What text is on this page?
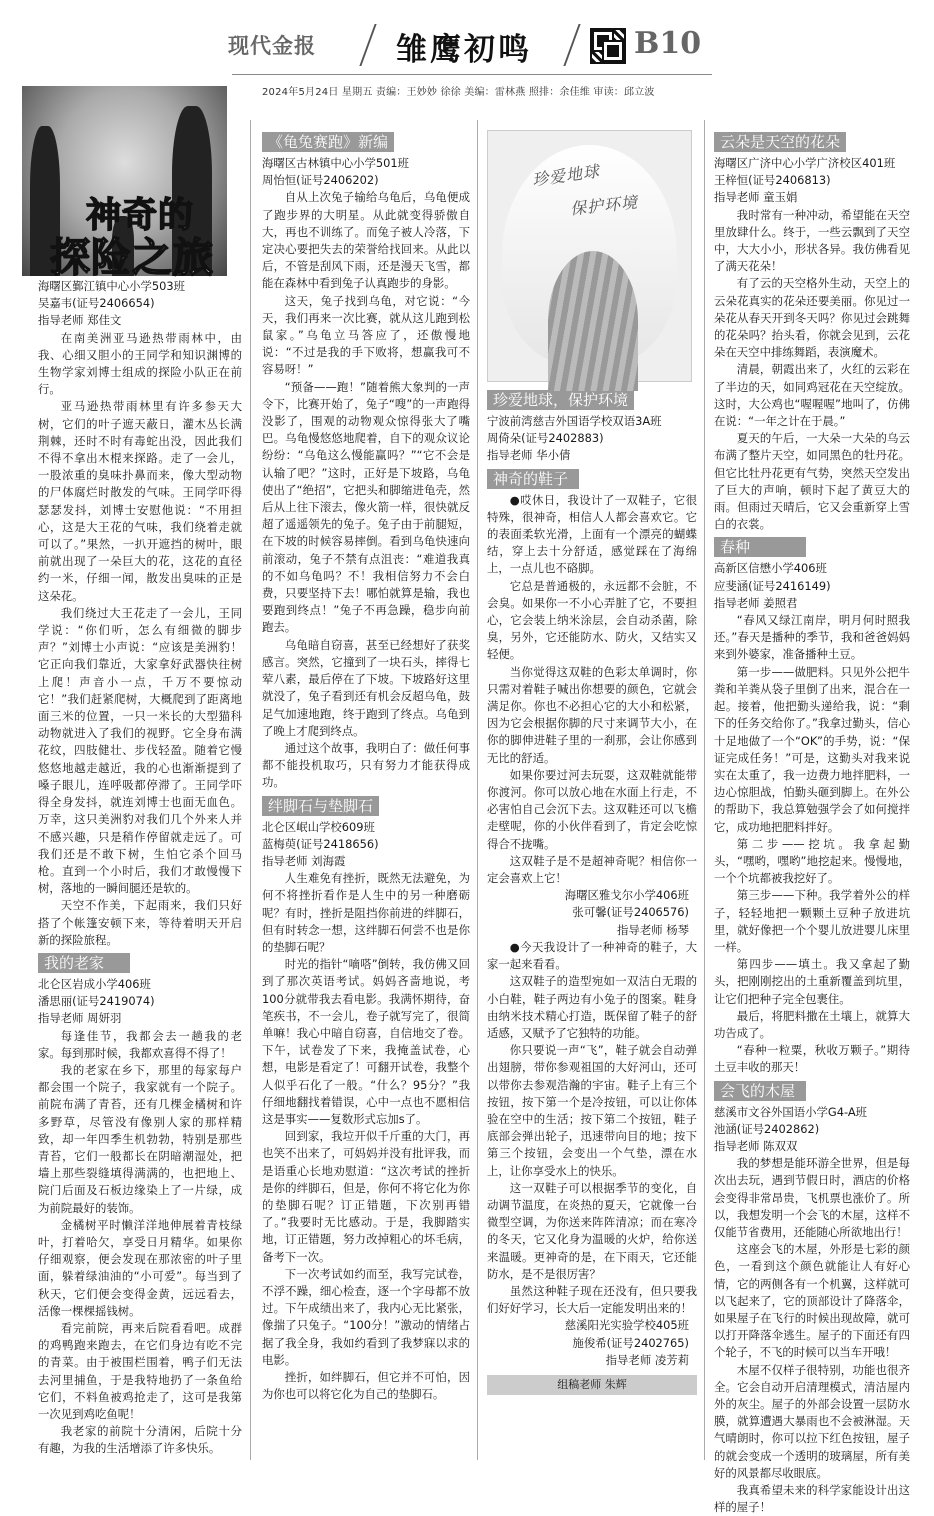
现代金报	雏鹰初鸣	B10
2024年5月24日 星期五 责编：王妙妙 徐徐 美编：雷林燕 照排：余佳维 审读：邱立波
神奇的
探险之旅

海曙区鄞江镇中心小学503班

吴嘉韦(证号2406654)

指导老师 郑佳文

在南美洲亚马逊热带雨林中，由我、心细又胆小的王同学和知识渊博的生物学家刘博士组成的探险小队正在前行。

亚马逊热带雨林里有许多参天大树，它们的叶子遮天蔽日，灌木丛长满荆棘，还时不时有毒蛇出没，因此我们不得不拿出木棍来探路。走了一会儿，一股浓重的臭味扑鼻而来，像大型动物的尸体腐烂时散发的气味。王同学吓得瑟瑟发抖，刘博士安慰他说：“不用担心，这是大王花的气味，我们绕着走就可以了。”果然，一扒开遮挡的树叶，眼前就出现了一朵巨大的花，这花的直径约一米，仔细一闻，散发出臭味的正是这朵花。

我们绕过大王花走了一会儿，王同学说：“你们听，怎么有细微的脚步声？”刘博士小声说：“应该是美洲豹！它正向我们靠近，大家拿好武器快往树上爬！声音小一点，千万不要惊动它！”我们赶紧爬树，大概爬到了距离地面三米的位置，一只一米长的大型猫科动物就进入了我们的视野。它全身布满花纹，四肢健壮、步伐轻盈。随着它慢悠悠地越走越近，我的心也渐渐提到了嗓子眼儿，连呼吸都停滞了。王同学吓得全身发抖，就连刘博士也面无血色。万幸，这只美洲豹对我们几个外来人并不感兴趣，只是稍作停留就走远了。可我们还是不敢下树，生怕它杀个回马枪。直到一个小时后，我们才敢慢慢下树，落地的一瞬间腿还是软的。

天空不作美，下起雨来，我们只好搭了个帐篷安顿下来，等待着明天开启新的探险旅程。

我的老家

北仑区岩成小学406班

潘思丽(证号2419074)

指导老师 周妍羽

每逢佳节，我都会去一趟我的老家。每到那时候，我都欢喜得不得了！

我的老家在乡下，那里的每家每户都会围一个院子，我家就有一个院子。前院布满了青苔，还有几棵金橘树和许多野草，尽管没有像别人家的那样精致，却一年四季生机勃勃，特别是那些青苔，它们一般都长在阴暗潮湿处，把墙上那些裂缝填得满满的，也把地上、院门后面及石板边缘染上了一片绿，成为前院最好的装饰。

金橘树平时懒洋洋地伸展着青枝绿叶，打着哈欠，享受日月精华。如果你仔细观察，便会发现在那浓密的叶子里面，躲着绿油油的“小可爱”。每当到了秋天，它们便会变得金黄，远远看去，活像一棵棵摇钱树。

看完前院，再来后院看看吧。成群的鸡鸭跑来跑去，在它们身边有吃不完的青菜。由于被围栏围着，鸭子们无法去河里捕鱼，于是我特地扔了一条鱼给它们，不料鱼被鸡抢走了，这可是我第一次见到鸡吃鱼呢！

我老家的前院十分清闲，后院十分有趣，为我的生活增添了许多快乐。

《龟兔赛跑》新编

海曙区古林镇中心小学501班

周怡恒(证号2406202)

自从上次兔子输给乌龟后，乌龟便成了跑步界的大明星。从此就变得骄傲自大，再也不训练了。而兔子被人冷落，下定决心要把失去的荣誉给找回来。从此以后，不管是刮风下雨，还是漫天飞雪，都能在森林中看到兔子认真跑步的身影。

这天，兔子找到乌龟，对它说：“今天，我们再来一次比赛，就从这儿跑到松鼠家。”乌龟立马答应了，还傲慢地说：“不过是我的手下败将，想赢我可不容易呀！”

“预备——跑！”随着熊大象判的一声令下，比赛开始了，兔子“嗖”的一声跑得没影了，围观的动物观众惊得张大了嘴巴。乌龟慢悠悠地爬着，自下的观众议论纷纷：“乌龟这么慢能赢吗？”“它不会是认输了吧？”这时，正好是下坡路，乌龟使出了“绝招”，它把头和脚缩进龟壳，然后从上往下滚去，像火箭一样，很快就反超了遥遥领先的兔子。兔子由于前腿短，在下坡的时候容易摔倒。看到乌龟快速向前滚动，兔子不禁有点沮丧：“难道我真的不如乌龟吗？不！我相信努力不会白费，只要坚持下去！哪怕就算是输，我也要跑到终点！”兔子不再急躁，稳步向前跑去。

乌龟暗自窃喜，甚至已经想好了获奖感言。突然，它撞到了一块石头，摔得七荤八素，最后停在了下坡。下坡路好这里就没了，兔子看到还有机会反超乌龟，鼓足气加速地跑，终于跑到了终点。乌龟到了晚上才爬到终点。

通过这个故事，我明白了：做任何事都不能投机取巧，只有努力才能获得成功。

绊脚石与垫脚石

北仑区岷山学校609班

蓝梅萸(证号2418656)

指导老师 刘海霞

人生难免有挫折，既然无法避免，为何不将挫折看作是人生中的另一种磨砺呢？有时，挫折是阻挡你前进的绊脚石，但有时转念一想，这绊脚石何尝不也是你的垫脚石呢？

时光的指针“嘀嗒”倒转，我仿佛又回到了那次英语考试。妈妈吝啬地说，考100分就带我去看电影。我满怀期待，奋笔疾书，不一会儿，卷子就写完了，很简单嘛！我心中暗自窃喜，自信地交了卷。下午，试卷发了下来，我掩盖试卷，心想，电影是看定了！可翻开试卷，我整个人似乎石化了一般。“什么？95分？”我仔细地翻找着错误，心中一点也不愿相信这是事实——复数形式忘加s了。

回到家，我垃开似千斤重的大门，再也笑不出来了，可妈妈并没有批评我，而是语重心长地劝慰道：“这次考试的挫折是你的绊脚石，但是，你何不将它化为你的垫脚石呢？订正错题，下次别再错了。”我要时无比感动。于是，我脚踏实地，订正错题，努力改掉粗心的坏毛病，备考下一次。

下一次考试如约而至，我写完试卷，不浮不躁，细心检查，逐一个字母都不放过。下午成绩出来了，我内心无比紧张，像揣了只兔子。“100分！”激动的情绪占据了我全身，我如约看到了我梦寐以求的电影。

挫折，如绊脚石，但它并不可怕，因为你也可以将它化为自己的垫脚石。

珍爱地球
保护环境
珍爱地球，保护环境

宁波前湾慈吉外国语学校双语3A班

周倚朵(证号2402883)

指导老师 华小倩

神奇的鞋子

●哎休日，我设计了一双鞋子，它很特殊，很神奇，相信人人都会喜欢它。它的表面柔软光滑，上面有一个漂亮的蝴蝶结，穿上去十分舒适，感觉踩在了海绵上，一点儿也不硌脚。

它总是普通极的，永远都不会脏，不会臭。如果你一不小心弄脏了它，不要担心，它会装上纳米涂层，会自动杀菌，除臭，另外，它还能防水、防火，又结实又轻便。

当你觉得这双鞋的色彩太单调时，你只需对着鞋子喊出你想要的颜色，它就会满足你。你也不必担心它的大小和松紧，因为它会根据你脚的尺寸来调节大小，在你的脚伸进鞋子里的一刹那，会让你感到无比的舒适。

如果你要过河去玩耍，这双鞋就能带你渡河。你可以放心地在水面上行走，不必害怕自己会沉下去。这双鞋还可以飞檐走壁呢，你的小伙伴看到了，肯定会吃惊得合不拢嘴。

这双鞋子是不是超神奇呢？相信你一定会喜欢上它！

海曙区雅戈尔小学406班

张可馨(证号2406576)

指导老师 杨琴

●今天我设计了一种神奇的鞋子，大家一起来看看。

这双鞋子的造型宛如一双洁白无瑕的小白鞋，鞋子两边有小兔子的图案。鞋身由纳米技术精心打造，既保留了鞋子的舒适感，又赋予了它独特的功能。

你只要说一声“飞”，鞋子就会自动弹出翅膀，带你参观祖国的大好河山，还可以带你去参观浩瀚的宇宙。鞋子上有三个按钮，按下第一个是冷按钮，可以让你体验在空中的生活；按下第二个按钮，鞋子底部会弹出轮子，迅速带向目的地；按下第三个按钮，会变出一个气垫，漂在水上，让你享受水上的快乐。

这一双鞋子可以根据季节的变化，自动调节温度，在炎热的夏天，它就像一台微型空调，为你送来阵阵清凉；而在寒冷的冬天，它又化身为温暖的火炉，给你送来温暖。更神奇的是，在下雨天，它还能防水，是不是很厉害？

虽然这种鞋子现在还没有，但只要我们好好学习，长大后一定能发明出来的！

慈溪阳光实验学校405班

施俊希(证号2402765)

指导老师 凌芳莉

组稿老师 朱辉
云朵是天空的花朵

海曙区广济中心小学广济校区401班

王梓恒(证号2406813)

指导老师 童玉娟

我时常有一种冲动，希望能在天空里放肆什么。终于，一些云飘到了天空中，大大小小，形状各异。我仿佛看见了满天花朵！

有了云的天空格外生动，天空上的云朵花真实的花朵还要美丽。你见过一朵花从春天开到冬天吗？你见过会跳舞的花朵吗？抬头看，你就会见到，云花朵在天空中排练舞蹈，表演魔术。

清晨，朝霞出来了，火红的云彩在了半边的天，如同鸡冠花在天空绽放。这时，大公鸡也“喔喔喔”地叫了，仿佛在说：“一年之计在于晨。”

夏天的午后，一大朵一大朵的乌云布满了整片天空，如同黑色的牡丹花。但它比牡丹花更有气势，突然天空发出了巨大的声响，顿时下起了黄豆大的雨。但雨过天晴后，它又会重新穿上雪白的衣裳。

春种

高新区信懋小学406班

应斐涵(证号2416149)

指导老师 姜照君

“春风又绿江南岸，明月何时照我还。”春天是播种的季节，我和爸爸妈妈来到外婆家，准备播种土豆。

第一步——做肥料。只见外公把牛粪和羊粪从袋子里倒了出来，混合在一起。接着，他把勤头递给我，说：“剩下的任务交给你了。”我拿过勤头，信心十足地做了一个“OK”的手势，说：“保证完成任务！”可是，这勤头对我来说实在太重了，我一边费力地拌肥料，一边心惊胆战，怕勤头砸到脚上。在外公的帮助下，我总算勉强学会了如何搅拌它，成功地把肥料拌好。

第二步——挖坑。我拿起勤头，“嘿哟，嘿哟”地挖起来。慢慢地，一个个坑都被我挖好了。

第三步——下种。我学着外公的样子，轻轻地把一颗颗土豆种子放进坑里，就好像把一个个婴儿放进婴儿床里一样。

第四步——填土。我又拿起了勤头，把刚刚挖出的土重新覆盖到坑里，让它们把种子完全包裹住。

最后，将肥料撒在土壤上，就算大功告成了。

“春种一粒粟，秋收万颗子。”期待土豆丰收的那天！

会飞的木屋

慈溪市文谷外国语小学G4-A班

池涵(证号2402862)

指导老师 陈双双

我的梦想是能环游全世界，但是每次出去玩，遇到节假日时，酒店的价格会变得非常昂贵，飞机票也涨价了。所以，我想发明一个会飞的木屋，这样不仅能节省费用，还能随心所欲地出行！

这座会飞的木屋，外形是七彩的颜色，一看到这个颜色就能让人有好心情，它的两侧各有一个机翼，这样就可以飞起来了，它的顶部设计了降落伞，如果屋子在飞行的时候出现故障，就可以打开降落伞逃生。屋子的下面还有四个轮子，不飞的时候可以当车开哦！

木屋不仅样子很特别，功能也很齐全。它会自动开启清理模式，清洁屋内外的灰尘。屋子的外部会设置一层防水膜，就算遭遇大暴雨也不会被淋湿。天气晴朗时，你可以拉下红色按钮，屋子的就会变成一个透明的玻璃屋，所有美好的风景都尽收眼底。

我真希望未来的科学家能设计出这样的屋子！
